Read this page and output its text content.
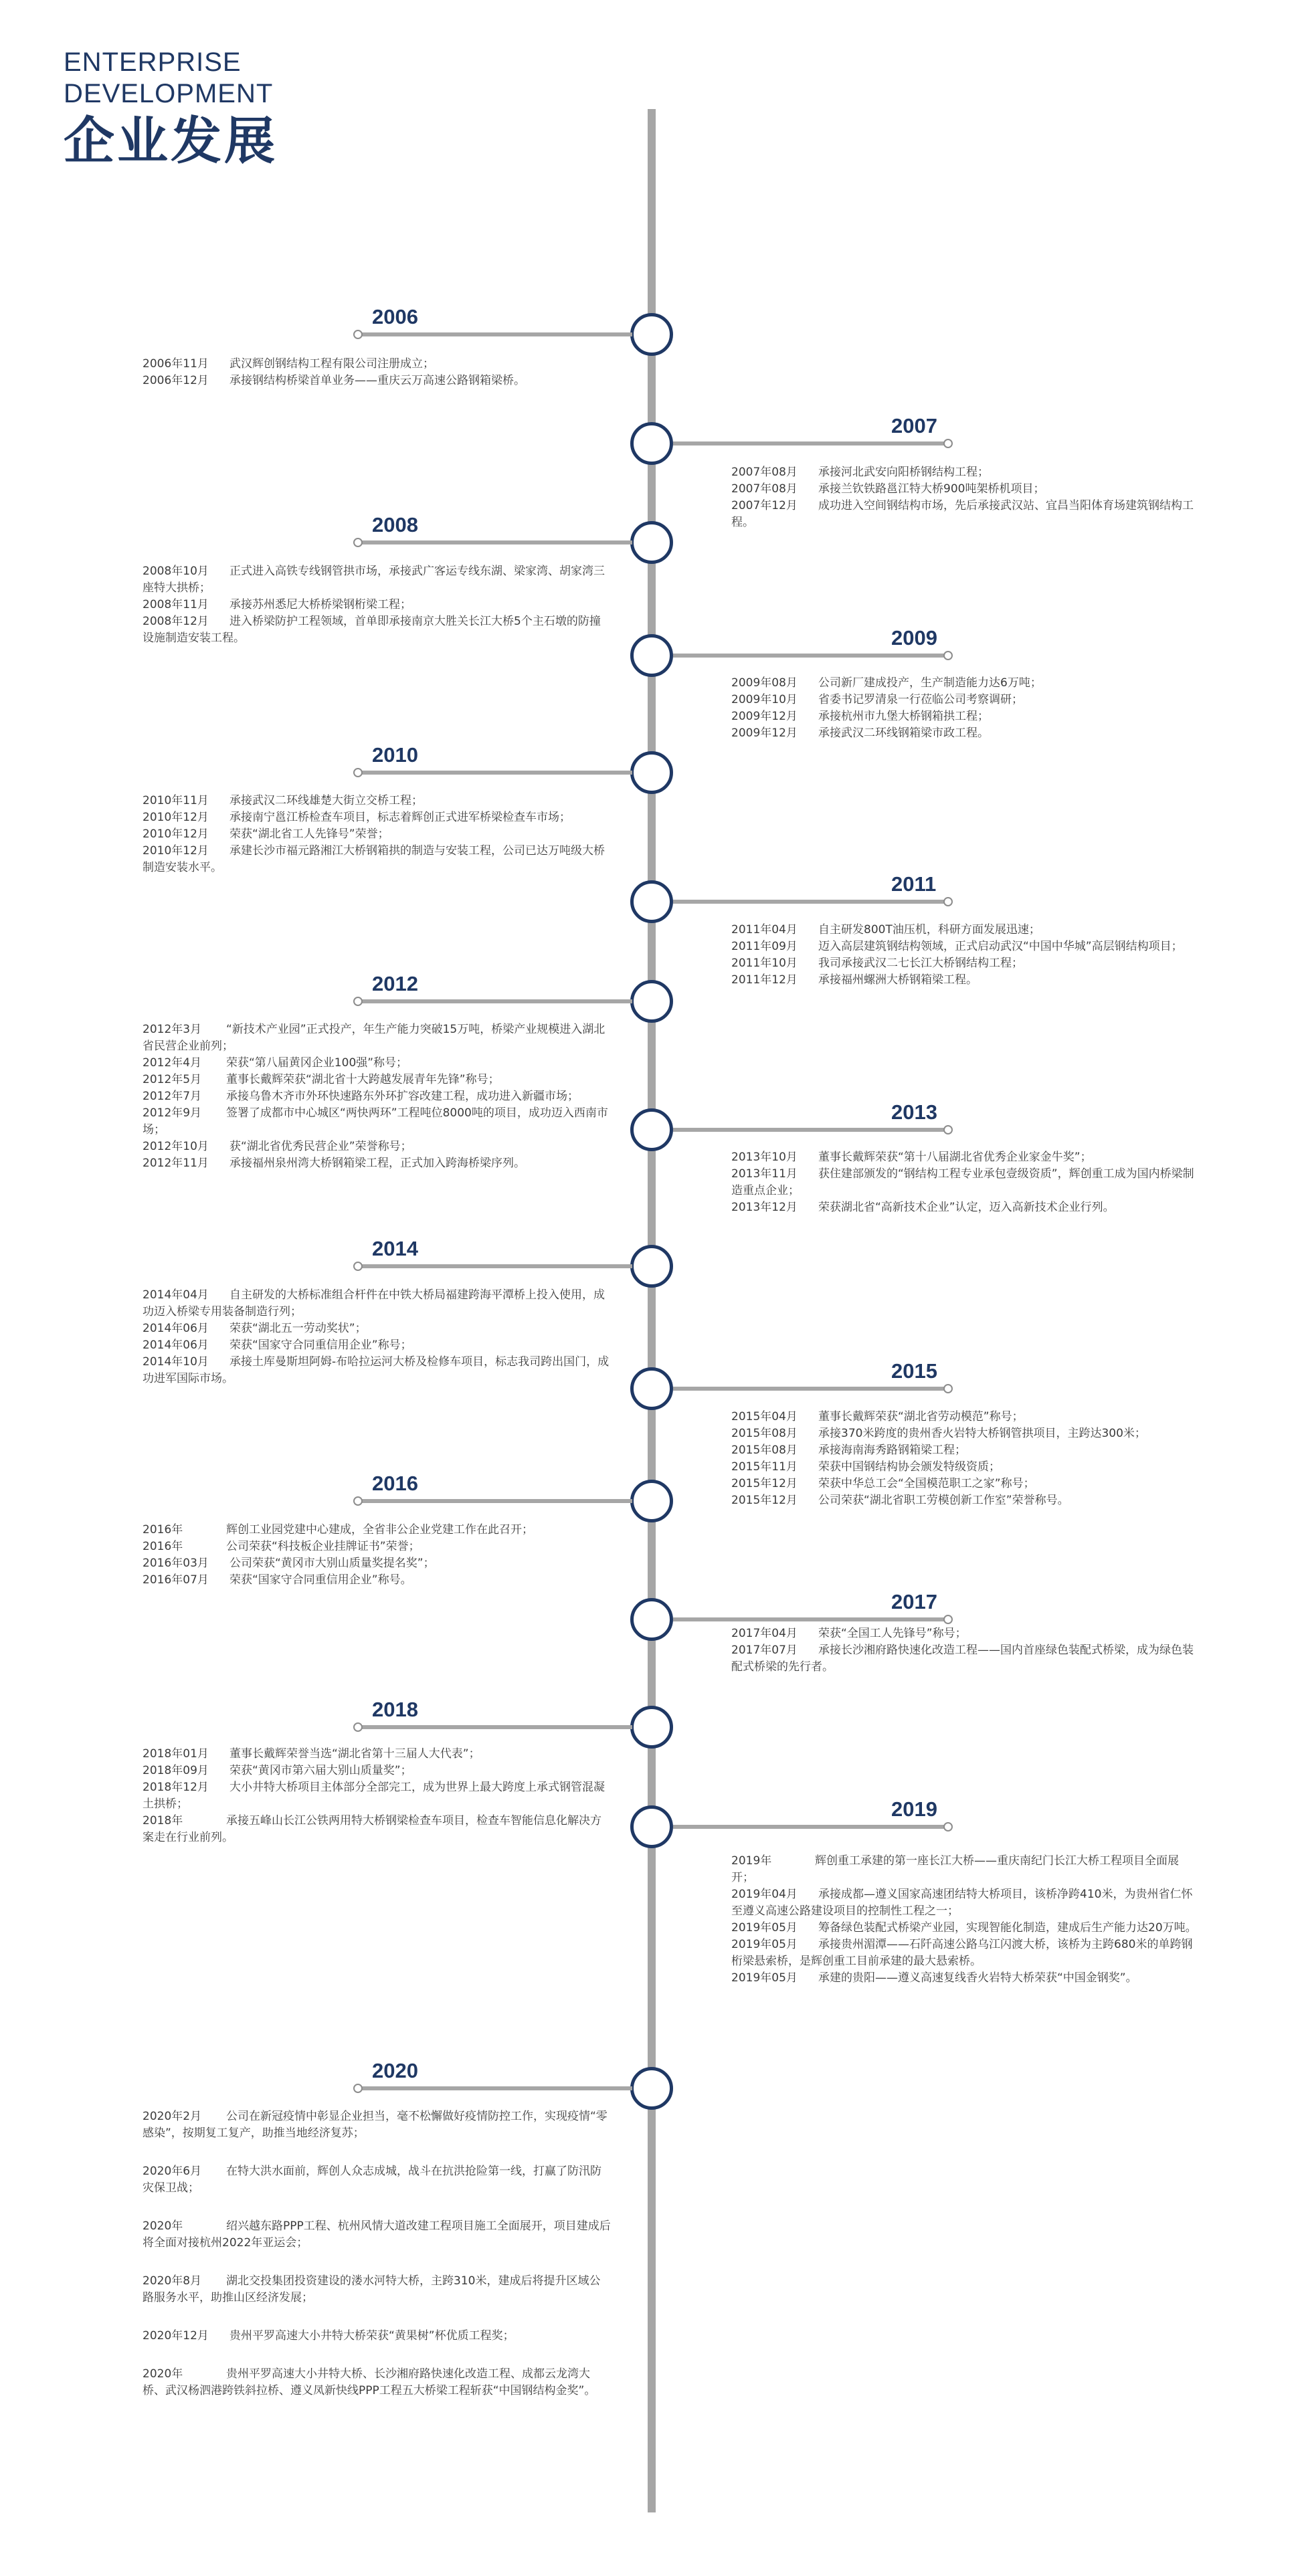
ENTERPRISE
DEVELOPMENT
企业发展
2006

2006年11月 武汉辉创钢结构工程有限公司注册成立；

2006年12月 承接钢结构桥梁首单业务——重庆云万高速公路钢箱梁桥。

2007

2007年08月 承接河北武安向阳桥钢结构工程；

2007年08月 承接兰钦铁路邕江特大桥900吨架桥机项目；

2007年12月 成功进入空间钢结构市场，先后承接武汉站、宜昌当阳体育场建筑钢结构工程。

2008

2008年10月 正式进入高铁专线钢管拱市场，承接武广客运专线东湖、梁家湾、胡家湾三座特大拱桥；

2008年11月 承接苏州悉尼大桥桥梁钢桁梁工程；

2008年12月 进入桥梁防护工程领域，首单即承接南京大胜关长江大桥5个主石墩的防撞设施制造安装工程。	2009

2009年08月 公司新厂建成投产，生产制造能力达6万吨；

2009年10月 省委书记罗清泉一行莅临公司考察调研；

2009年12月 承接杭州市九堡大桥钢箱拱工程；

2009年12月 承接武汉二环线钢箱梁市政工程。

2010

2010年11月 承接武汉二环线雄楚大街立交桥工程；

2010年12月 承接南宁邕江桥检查车项目，标志着辉创正式进军桥梁检查车市场；

2010年12月 荣获“湖北省工人先锋号”荣誉；

2010年12月 承建长沙市福元路湘江大桥钢箱拱的制造与安装工程，公司已达万吨级大桥制造安装水平。

2011

2011年04月 自主研发800T油压机，科研方面发展迅速；

2011年09月 迈入高层建筑钢结构领域，正式启动武汉“中国中华城”高层钢结构项目；

2011年10月 我司承接武汉二七长江大桥钢结构工程；

2011年12月 承接福州螺洲大桥钢箱梁工程。

2012

2012年3月 “新技术产业园”正式投产，年生产能力突破15万吨，桥梁产业规模进入湖北省民营企业前列；

2012年4月 荣获“第八届黄冈企业100强”称号；

2012年5月 董事长戴辉荣获“湖北省十大跨越发展青年先锋”称号；

2012年7月 承接乌鲁木齐市外环快速路东外环扩容改建工程，成功进入新疆市场；

2012年9月 签署了成都市中心城区“两快两环”工程吨位8000吨的项目，成功迈入西南市场；

2012年10月 获“湖北省优秀民营企业”荣誉称号；

2012年11月 承接福州泉州湾大桥钢箱梁工程，正式加入跨海桥梁序列。

2013

2013年10月 董事长戴辉荣获“第十八届湖北省优秀企业家金牛奖”；

2013年11月 获住建部颁发的“钢结构工程专业承包壹级资质”，辉创重工成为国内桥梁制造重点企业；

2013年12月 荣获湖北省“高新技术企业”认定，迈入高新技术企业行列。

2014

2014年04月 自主研发的大桥标准组合杆件在中铁大桥局福建跨海平潭桥上投入使用，成功迈入桥梁专用装备制造行列；

2014年06月 荣获“湖北五一劳动奖状”；

2014年06月 荣获“国家守合同重信用企业”称号；

2014年10月 承接土库曼斯坦阿姆-布哈拉运河大桥及检修车项目，标志我司跨出国门，成功进军国际市场。	2015

2015年04月 董事长戴辉荣获“湖北省劳动模范”称号；

2015年08月 承接370米跨度的贵州香火岩特大桥钢管拱项目，主跨达300米；

2015年08月 承接海南海秀路钢箱梁工程；

2015年11月 荣获中国钢结构协会颁发特级资质；

2015年12月 荣获中华总工会“全国模范职工之家”称号；

2015年12月 公司荣获“湖北省职工劳模创新工作室”荣誉称号。

2016

2016年	辉创工业园党建中心建成，全省非公企业党建工作在此召开；

2016年	公司荣获“科技板企业挂牌证书”荣誉；

2016年03月 公司荣获“黄冈市大别山质量奖提名奖”；

2016年07月 荣获“国家守合同重信用企业”称号。

2017

2017年04月 荣获“全国工人先锋号”称号；

2017年07月 承接长沙湘府路快速化改造工程——国内首座绿色装配式桥梁，成为绿色装配式桥梁的先行者。

2018

2018年01月 董事长戴辉荣誉当选“湖北省第十三届人大代表”；

2018年09月 荣获“黄冈市第六届大别山质量奖”；

2018年12月 大小井特大桥项目主体部分全部完工，成为世界上最大跨度上承式钢管混凝土拱桥；

2018年	承接五峰山长江公铁两用特大桥钢梁检查车项目，检查车智能信息化解决方案走在行业前列。

2019

2019年	辉创重工承建的第一座长江大桥——重庆南纪门长江大桥工程项目全面展开；

2019年04月 承接成都—遵义国家高速团结特大桥项目，该桥净跨410米，为贵州省仁怀至遵义高速公路建设项目的控制性工程之一；

2019年05月 筹备绿色装配式桥梁产业园，实现智能化制造，建成后生产能力达20万吨。

2019年05月 承接贵州湄潭——石阡高速公路乌江闪渡大桥，该桥为主跨680米的单跨钢桁梁悬索桥，是辉创重工目前承建的最大悬索桥。

2019年05月 承建的贵阳——遵义高速复线香火岩特大桥荣获“中国金钢奖”。

2020

2020年2月 公司在新冠疫情中彰显企业担当，毫不松懈做好疫情防控工作，实现疫情“零感染”，按期复工复产，助推当地经济复苏；

2020年6月 在特大洪水面前，辉创人众志成城，战斗在抗洪抢险第一线，打赢了防汛防灾保卫战；

2020年	绍兴越东路PPP工程、杭州风情大道改建工程项目施工全面展开，项目建成后将全面对接杭州2022年亚运会；

2020年8月 湖北交投集团投资建设的溇水河特大桥，主跨310米，建成后将提升区域公路服务水平，助推山区经济发展；

2020年12月 贵州平罗高速大小井特大桥荣获“黄果树”杯优质工程奖；

2020年	贵州平罗高速大小井特大桥、长沙湘府路快速化改造工程、成都云龙湾大桥、武汉杨泗港跨铁斜拉桥、遵义凤新快线PPP工程五大桥梁工程斩获“中国钢结构金奖”。
